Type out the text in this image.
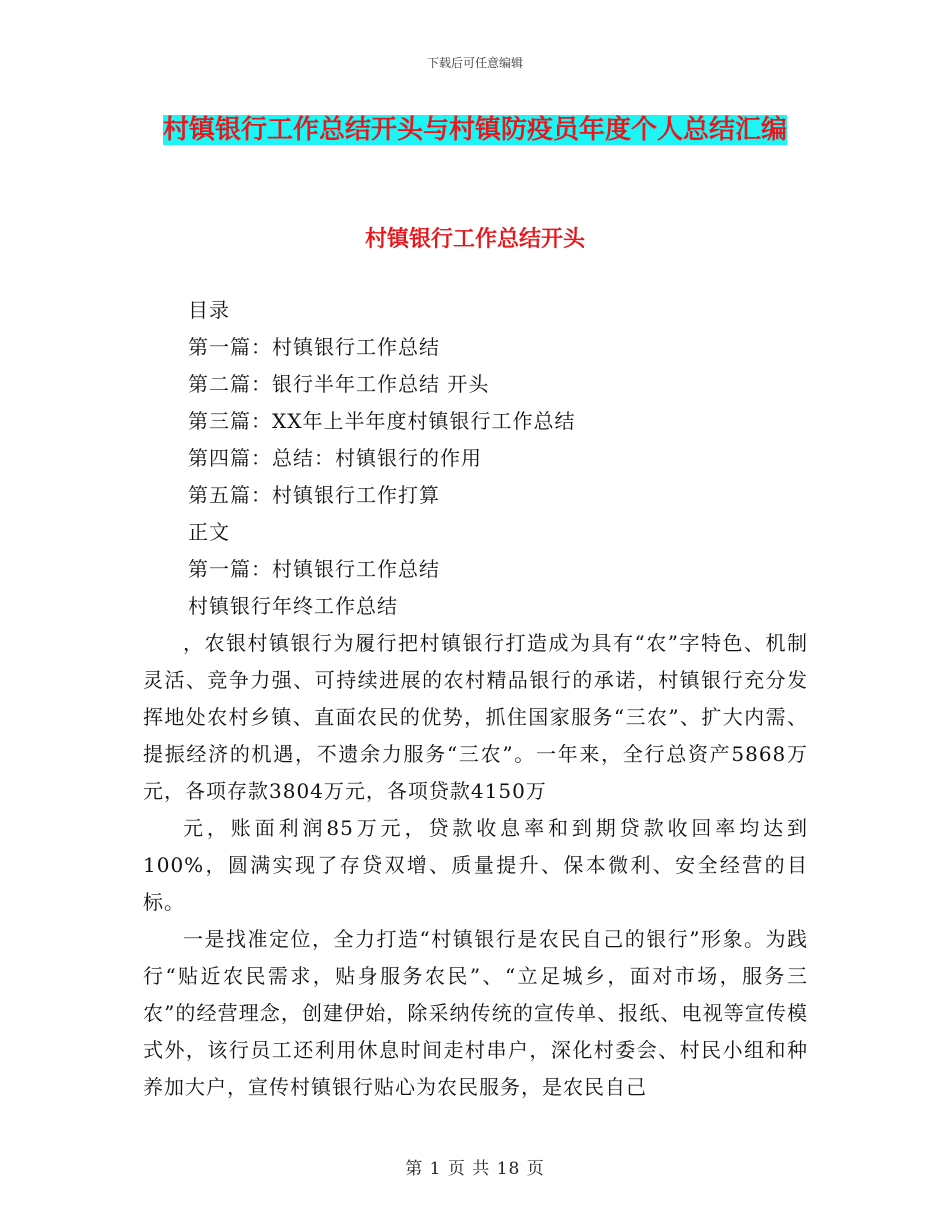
下载后可任意编辑
村镇银行工作总结开头与村镇防疫员年度个人总结汇编
村镇银行工作总结开头
目录
第一篇：村镇银行工作总结
第二篇：银行半年工作总结 开头
第三篇：XX年上半年度村镇银行工作总结
第四篇：总结：村镇银行的作用
第五篇：村镇银行工作打算
正文
第一篇：村镇银行工作总结
村镇银行年终工作总结

，农银村镇银行为履行把村镇银行打造成为具有“农”字特色、机制灵活、竞争力强、可持续进展的农村精品银行的承诺，村镇银行充分发挥地处农村乡镇、直面农民的优势，抓住国家服务“三农”、扩大内需、提振经济的机遇，不遗余力服务“三农”。一年来，全行总资产5868万元，各项存款3804万元，各项贷款4150万

元，账面利润85万元，贷款收息率和到期贷款收回率均达到100%，圆满实现了存贷双增、质量提升、保本微利、安全经营的目标。

一是找准定位，全力打造“村镇银行是农民自己的银行”形象。为践行“贴近农民需求，贴身服务农民”、“立足城乡，面对市场，服务三农”的经营理念，创建伊始，除采纳传统的宣传单、报纸、电视等宣传模式外，该行员工还利用休息时间走村串户，深化村委会、村民小组和种养加大户，宣传村镇银行贴心为农民服务，是农民自己

第 1 页 共 18 页
